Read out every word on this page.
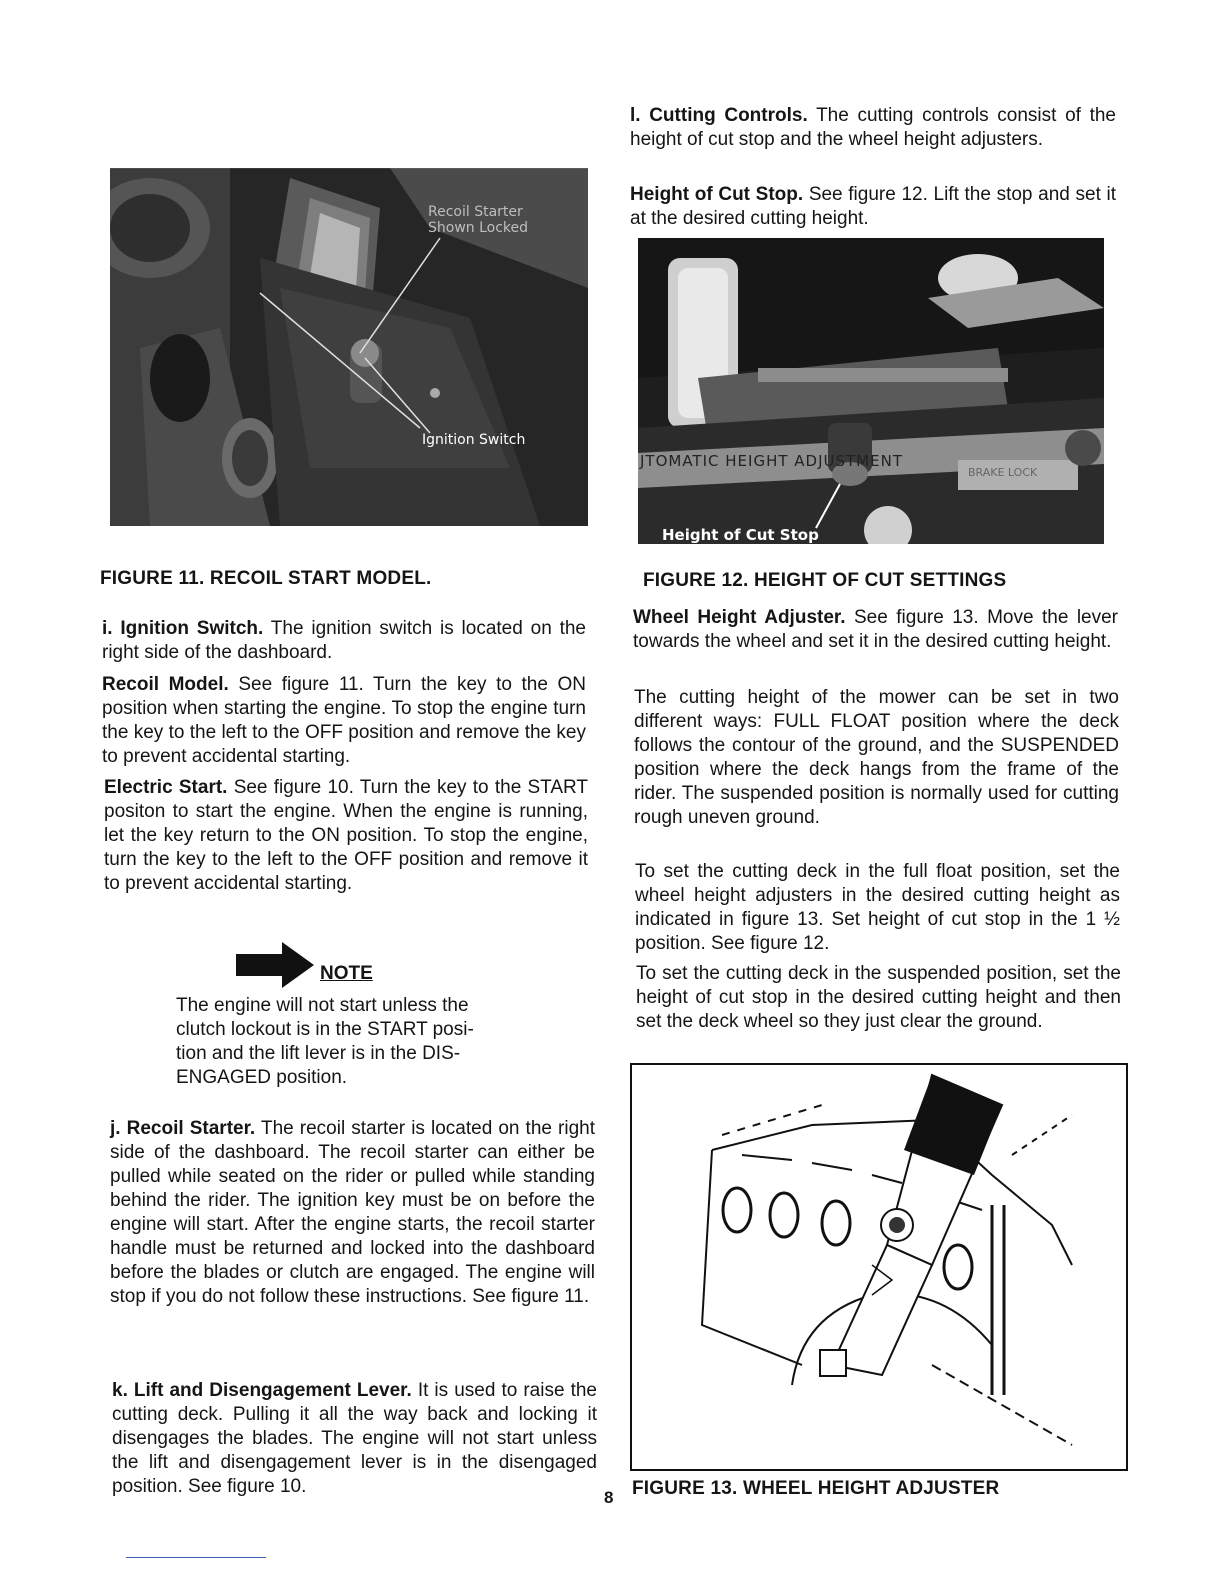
Recoil Starter Shown Locked
Ignition Switch
FIGURE 11. RECOIL START MODEL.

i. Ignition Switch. The ignition switch is located on the right side of the dashboard.

Recoil Model. See figure 11. Turn the key to the ON position when starting the engine. To stop the engine turn the key to the left to the OFF position and remove the key to prevent accidental starting.

Electric Start. See figure 10. Turn the key to the START positon to start the engine. When the engine is running, let the key return to the ON position. To stop the engine, turn the key to the left to the OFF position and remove it to prevent accidental starting.

NOTE
The engine will not start unless the
clutch lockout is in the START posi-
tion and the lift lever is in the DIS-
ENGAGED position.

j. Recoil Starter. The recoil starter is located on the right side of the dashboard. The recoil starter can either be pulled while seated on the rider or pulled while standing behind the rider. The ignition key must be on before the engine will start. After the engine starts, the recoil starter handle must be returned and locked into the dashboard before the blades or clutch are engaged. The engine will stop if you do not follow these instructions. See figure 11.

k. Lift and Disengagement Lever. It is used to raise the cutting deck. Pulling it all the way back and locking it disengages the blades. The engine will not start unless the lift and disengagement lever is in the disengaged position. See figure 10.

l. Cutting Controls. The cutting controls consist of the height of cut stop and the wheel height adjusters.

Height of Cut Stop. See figure 12. Lift the stop and set it at the desired cutting height.

JTOMATIC HEIGHT ADJUSTMENT
BRAKE LOCK
Height of Cut Stop
FIGURE 12. HEIGHT OF CUT SETTINGS

Wheel Height Adjuster. See figure 13. Move the lever towards the wheel and set it in the desired cutting height.

The cutting height of the mower can be set in two different ways: FULL FLOAT position where the deck follows the contour of the ground, and the SUSPENDED position where the deck hangs from the frame of the rider. The suspended position is normally used for cutting rough uneven ground.

To set the cutting deck in the full float position, set the wheel height adjusters in the desired cutting height as indicated in figure 13. Set height of cut stop in the 1 ½ position. See figure 12.

To set the cutting deck in the suspended position, set the height of cut stop in the desired cutting height and then set the deck wheel so they just clear the ground.

FIGURE 13. WHEEL HEIGHT ADJUSTER
8
